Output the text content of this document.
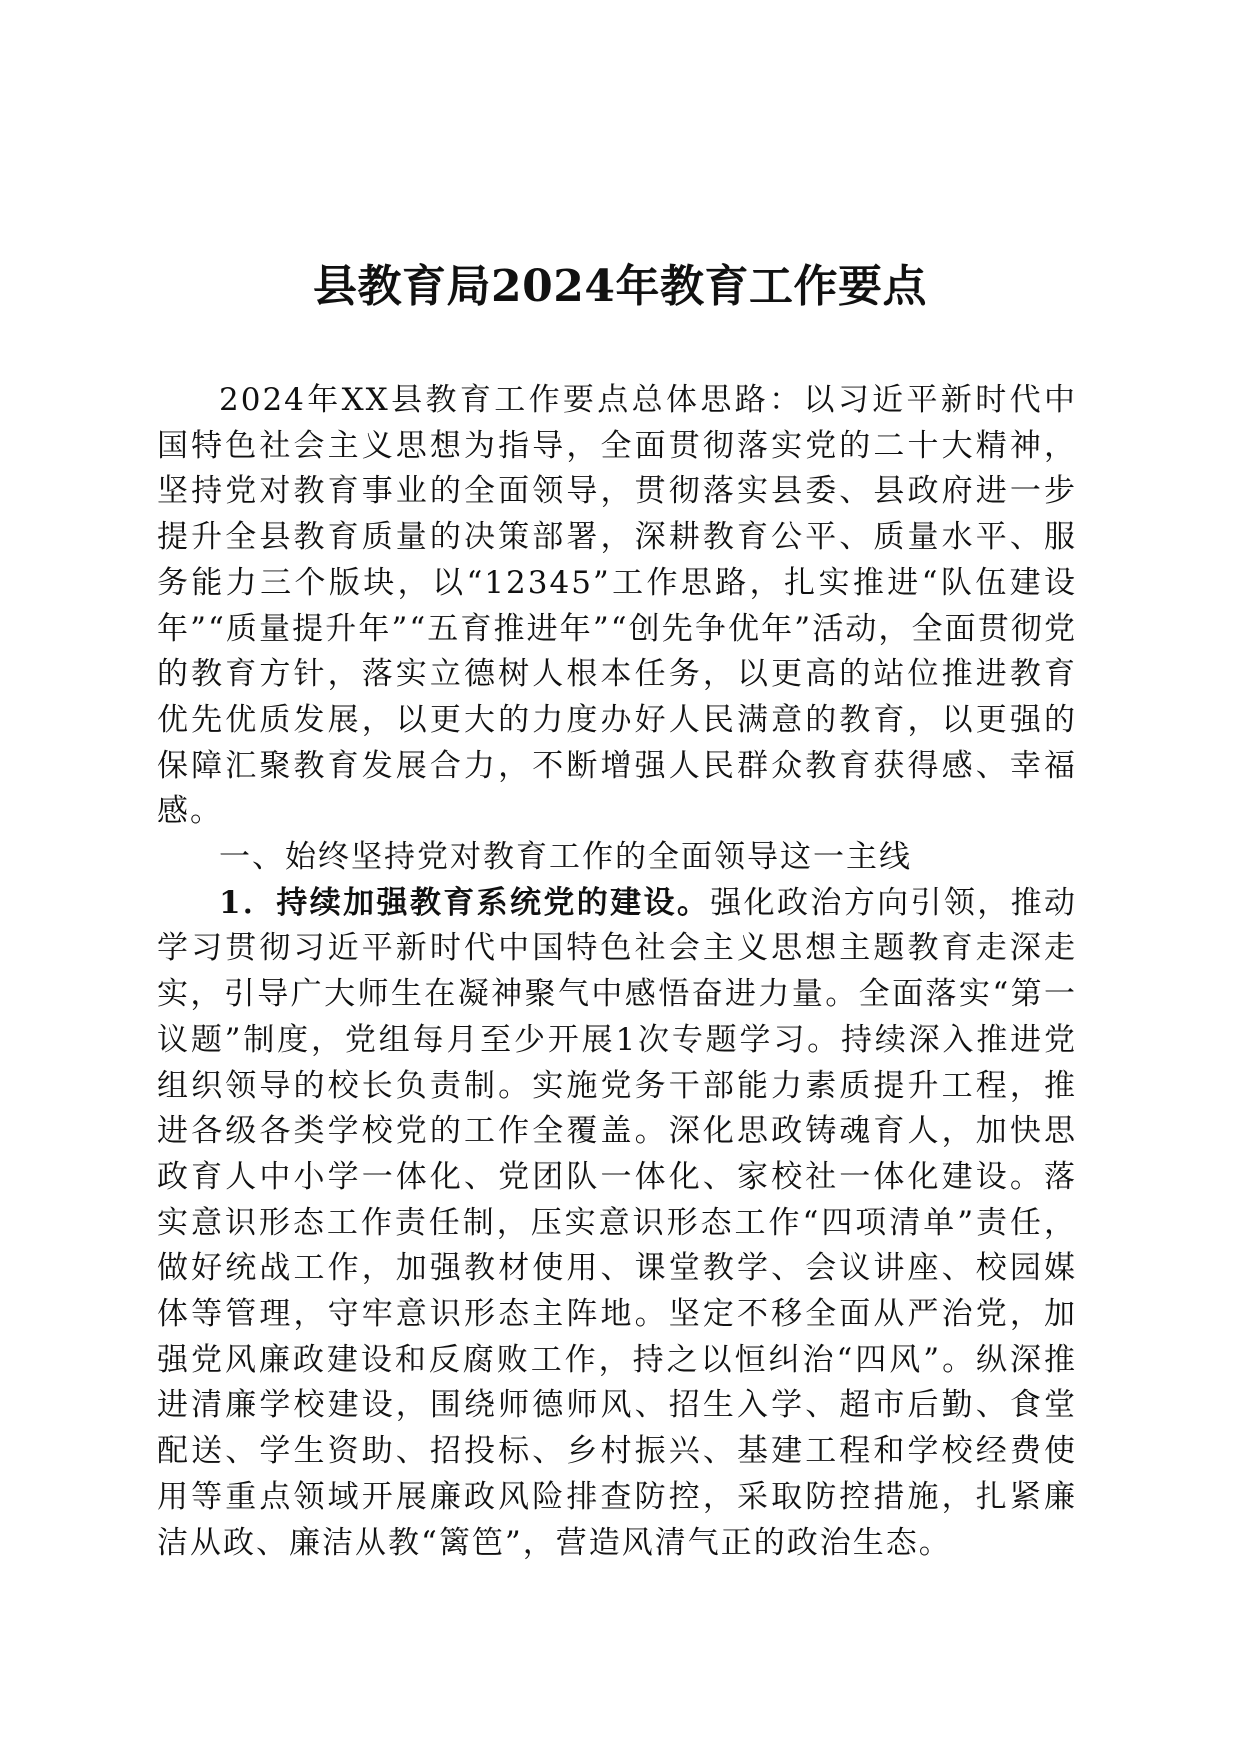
县教育局2024年教育工作要点

2024年XX县教育工作要点总体思路：以习近平新时代中国特色社会主义思想为指导，全面贯彻落实党的二十大精神，坚持党对教育事业的全面领导，贯彻落实县委、县政府进一步提升全县教育质量的决策部署，深耕教育公平、质量水平、服务能力三个版块，以“12345”工作思路，扎实推进“队伍建设年”“质量提升年”“五育推进年”“创先争优年”活动，全面贯彻党的教育方针，落实立德树人根本任务，以更高的站位推进教育优先优质发展，以更大的力度办好人民满意的教育，以更强的保障汇聚教育发展合力，不断增强人民群众教育获得感、幸福感。

一、始终坚持党对教育工作的全面领导这一主线

1．持续加强教育系统党的建设。强化政治方向引领，推动学习贯彻习近平新时代中国特色社会主义思想主题教育走深走实，引导广大师生在凝神聚气中感悟奋进力量。全面落实“第一议题”制度，党组每月至少开展1次专题学习。持续深入推进党组织领导的校长负责制。实施党务干部能力素质提升工程，推进各级各类学校党的工作全覆盖。深化思政铸魂育人，加快思政育人中小学一体化、党团队一体化、家校社一体化建设。落实意识形态工作责任制，压实意识形态工作“四项清单”责任，做好统战工作，加强教材使用、课堂教学、会议讲座、校园媒体等管理，守牢意识形态主阵地。坚定不移全面从严治党，加强党风廉政建设和反腐败工作，持之以恒纠治“四风”。纵深推进清廉学校建设，围绕师德师风、招生入学、超市后勤、食堂配送、学生资助、招投标、乡村振兴、基建工程和学校经费使用等重点领域开展廉政风险排查防控，采取防控措施，扎紧廉洁从政、廉洁从教“篱笆”，营造风清气正的政治生态。
